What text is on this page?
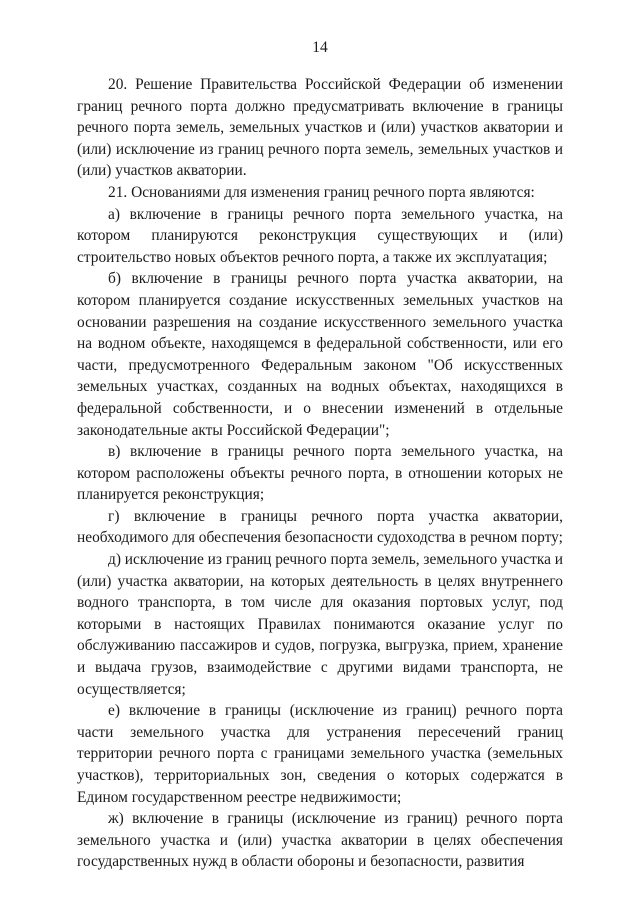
14

20. Решение Правительства Российской Федерации об изменении границ речного порта должно предусматривать включение в границы речного порта земель, земельных участков и (или) участков акватории и (или) исключение из границ речного порта земель, земельных участков и (или) участков акватории.

21. Основаниями для изменения границ речного порта являются:

а) включение в границы речного порта земельного участка, на котором планируются реконструкция существующих и (или) строительство новых объектов речного порта, а также их эксплуатация;

б) включение в границы речного порта участка акватории, на котором планируется создание искусственных земельных участков на основании разрешения на создание искусственного земельного участка на водном объекте, находящемся в федеральной собственности, или его части, предусмотренного Федеральным законом "Об искусственных земельных участках, созданных на водных объектах, находящихся в федеральной собственности, и о внесении изменений в отдельные законодательные акты Российской Федерации";

в) включение в границы речного порта земельного участка, на котором расположены объекты речного порта, в отношении которых не планируется реконструкция;

г) включение в границы речного порта участка акватории, необходимого для обеспечения безопасности судоходства в речном порту;

д) исключение из границ речного порта земель, земельного участка и (или) участка акватории, на которых деятельность в целях внутреннего водного транспорта, в том числе для оказания портовых услуг, под которыми в настоящих Правилах понимаются оказание услуг по обслуживанию пассажиров и судов, погрузка, выгрузка, прием, хранение и выдача грузов, взаимодействие с другими видами транспорта, не осуществляется;

е) включение в границы (исключение из границ) речного порта части земельного участка для устранения пересечений границ территории речного порта с границами земельного участка (земельных участков), территориальных зон, сведения о которых содержатся в Едином государственном реестре недвижимости;

ж) включение в границы (исключение из границ) речного порта земельного участка и (или) участка акватории в целях обеспечения государственных нужд в области обороны и безопасности, развития
